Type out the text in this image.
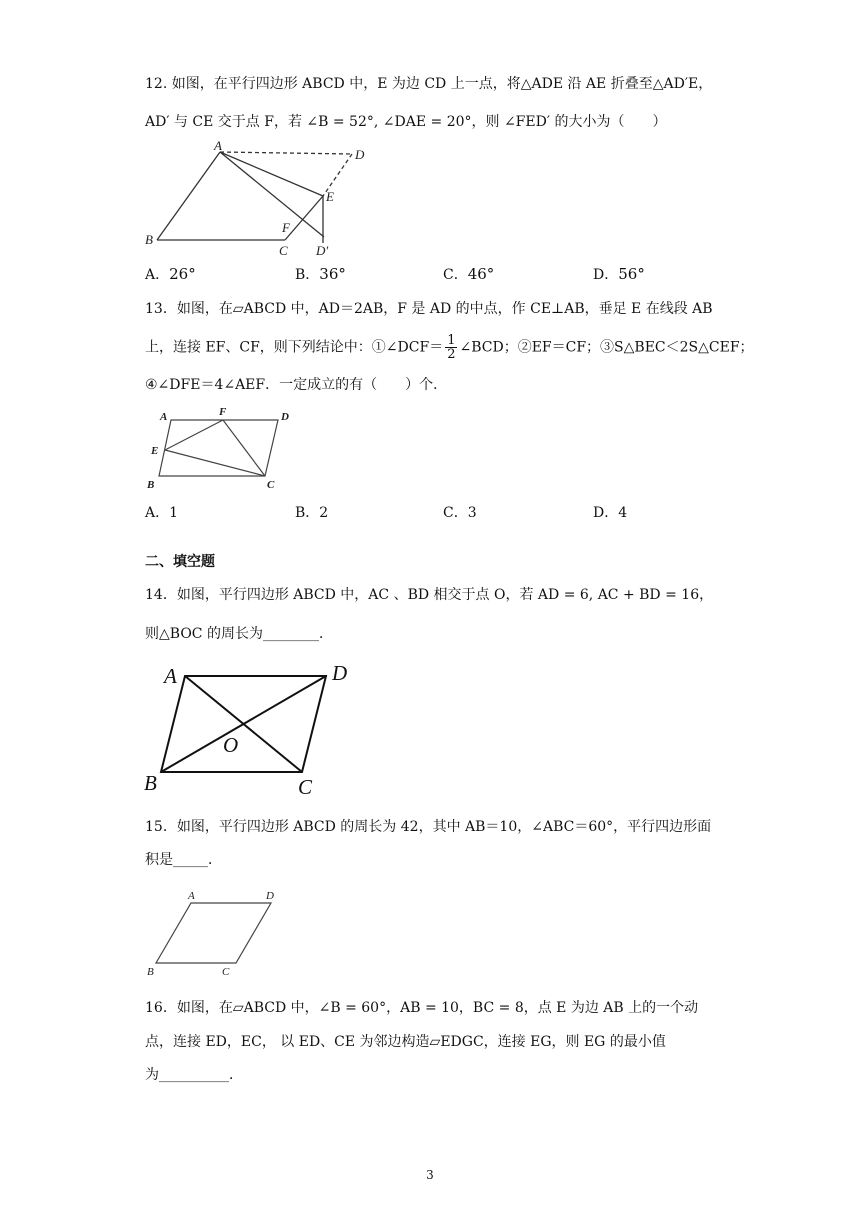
12. 如图，在平行四边形 ABCD 中，E 为边 CD 上一点，将△ADE 沿 AE 折叠至△AD′E，
AD′ 与 CE 交于点 F，若 ∠B = 52°, ∠DAE = 20°，则 ∠FED′ 的大小为（　　）
A
B
C
D
E
F
D′
A．26°	B．36°	C．46°	D．56°
13．如图，在▱ABCD 中，AD＝2AB，F 是 AD 的中点，作 CE⊥AB，垂足 E 在线段 AB
上，连接 EF、CF，则下列结论中：①∠DCF＝ $\frac{1}{2}$ ∠BCD；②EF＝CF；③S△BEC＜2S△CEF；
④∠DFE＝4∠AEF．一定成立的有（　　）个．
A	F	D
E
B	C
A．1	B．2	C．3	D．4
二、填空题
14．如图，平行四边形 ABCD 中，AC 、BD 相交于点 O，若 AD = 6, AC + BD = 16，
则△BOC 的周长为________．
A	D
O
B	C
15．如图，平行四边形 ABCD 的周长为 42，其中 AB＝10，∠ABC＝60°，平行四边形面
积是_____．
A	D
B	C
16．如图，在▱ABCD 中，∠B = 60°，AB = 10，BC = 8，点 E 为边 AB 上的一个动
点，连接 ED，EC， 以 ED、CE 为邻边构造▱EDGC，连接 EG，则 EG 的最小值
为__________．
3
